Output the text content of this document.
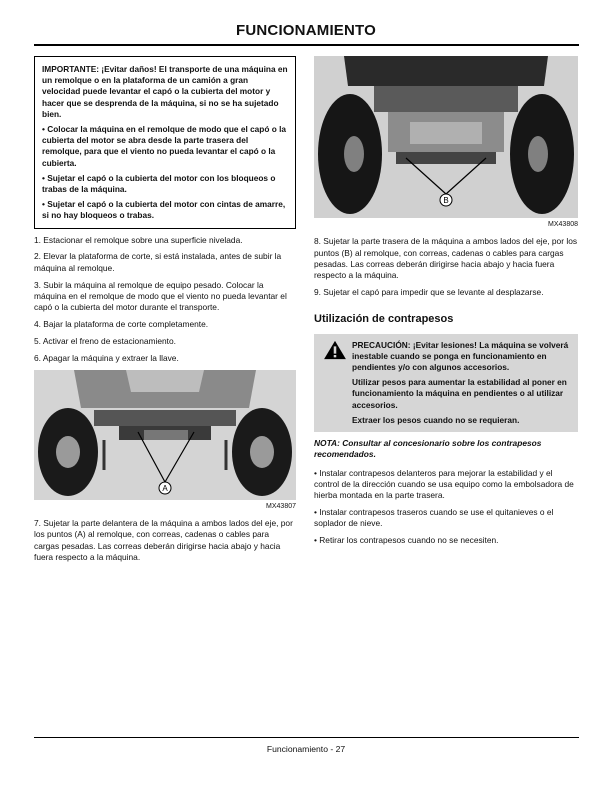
FUNCIONAMIENTO

IMPORTANTE: ¡Evitar daños! El transporte de una máquina en un remolque o en la plataforma de un camión a gran velocidad puede levantar el capó o la cubierta del motor y hacer que se desprenda de la máquina, si no se ha sujetado bien.

• Colocar la máquina en el remolque de modo que el capó o la cubierta del motor se abra desde la parte trasera del remolque, para que el viento no pueda levantar el capó o la cubierta.

• Sujetar el capó o la cubierta del motor con los bloqueos o trabas de la máquina.

• Sujetar el capó o la cubierta del motor con cintas de amarre, si no hay bloqueos o trabas.

1. Estacionar el remolque sobre una superficie nivelada.

2. Elevar la plataforma de corte, si está instalada, antes de subir la máquina al remolque.

3. Subir la máquina al remolque de equipo pesado. Colocar la máquina en el remolque de modo que el viento no pueda levantar el capó o la cubierta del motor durante el transporte.

4. Bajar la plataforma de corte completamente.

5. Activar el freno de estacionamiento.

6. Apagar la máquina y extraer la llave.

A
MX43807

7. Sujetar la parte delantera de la máquina a ambos lados del eje, por los puntos (A) al remolque, con correas, cadenas o cables para cargas pesadas. Las correas deberán dirigirse hacia abajo y hacia fuera respecto a la máquina.

B
MX43808

8. Sujetar la parte trasera de la máquina a ambos lados del eje, por los puntos (B) al remolque, con correas, cadenas o cables para cargas pesadas. Las correas deberán dirigirse hacia abajo y hacia fuera respecto a la máquina.

9. Sujetar el capó para impedir que se levante al desplazarse.

Utilización de contrapesos

PRECAUCIÓN: ¡Evitar lesiones! La máquina se volverá inestable cuando se ponga en funcionamiento en pendientes y/o con algunos accesorios.

Utilizar pesos para aumentar la estabilidad al poner en funcionamiento la máquina en pendientes o al utilizar accesorios.

Extraer los pesos cuando no se requieran.

NOTA: Consultar al concesionario sobre los contrapesos recomendados.

• Instalar contrapesos delanteros para mejorar la estabilidad y el control de la dirección cuando se usa equipo como la embolsadora de hierba montada en la parte trasera.

• Instalar contrapesos traseros cuando se use el quitanieves o el soplador de nieve.

• Retirar los contrapesos cuando no se necesiten.

Funcionamiento - 27
